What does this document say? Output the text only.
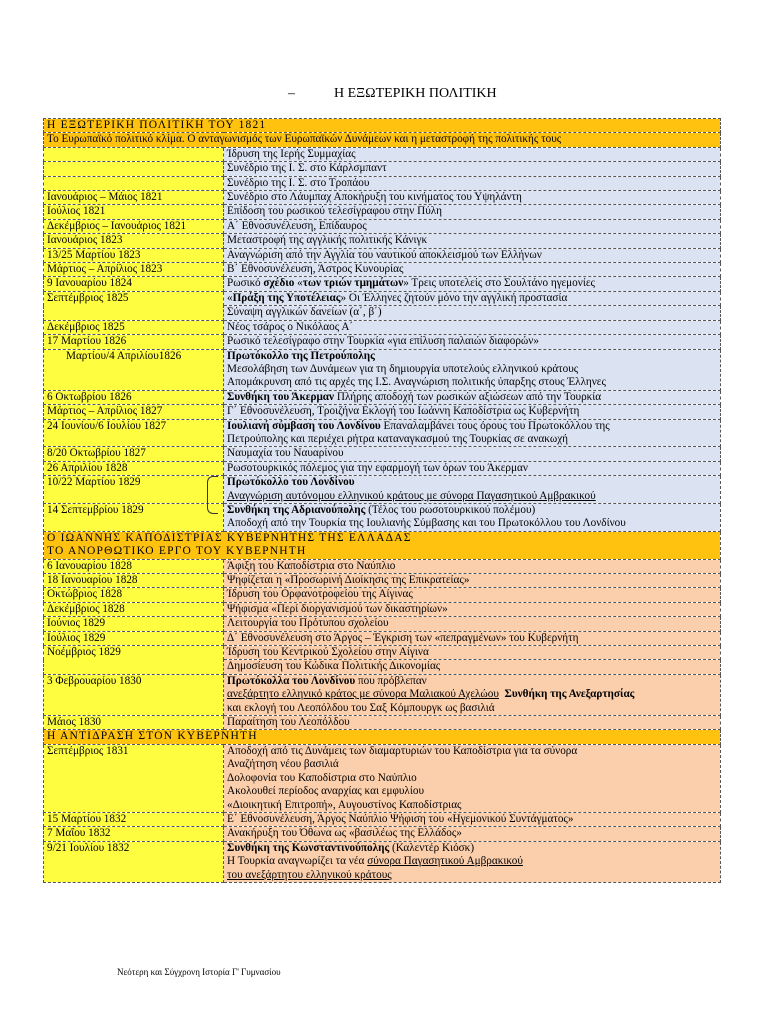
–	Η ΕΞΩΤΕΡΙΚΗ ΠΟΛΙΤΙΚΗ
Η ΕΞΩΤΕΡΙΚΗ ΠΟΛΙΤΙΚΗ ΤΟΥ 1821	
Το Ευρωπαϊκό πολιτικό κλίμα. Ο ανταγωνισμός των Ευρωπαϊκών Δυνάμεων και η μεταστροφή της πολιτικής τους	
	Ίδρυση της Ιερής Συμμαχίας
	Συνέδριο της Ι. Σ. στο Κάρλσμπαντ
	Συνέδριο της Ι. Σ. στο Τροπάου
Ιανουάριος – Μάιος 1821	Συνέδριο στο Λάυμπαχ Αποκήρυξη του κινήματος του Υψηλάντη
Ιούλιος 1821	Επίδοση του ρωσικού τελεσίγραφου στην Πύλη
Δεκέμβριος – Ιανουάριος 1821	Α΄ Εθνοσυνέλευση, Επίδαυρος
Ιανουάριος 1823	Μεταστροφή της αγγλικής πολιτικής Κάνιγκ
13/25 Μαρτίου 1823	Αναγνώριση από την Αγγλία του ναυτικού αποκλεισμού των Ελλήνων
Μάρτιος – Απρίλιος 1823	Β΄ Εθνοσυνέλευση, Άστρος Κυνουρίας
9 Ιανουαρίου 1824	Ρωσικό σχέδιο «των τριών τμημάτων» Τρεις υποτελείς στο Σουλτάνο ηγεμονίες
Σεπτέμβριος 1825	«Πράξη της Υποτέλειας» Οι Έλληνες ζητούν μόνο την αγγλική προστασία
	Σύναψη αγγλικών δανείων (α΄, β΄)
Δεκέμβριος 1825	Νέος τσάρος ο Νικόλαος Α΄
17 Μαρτίου 1826	Ρωσικό τελεσίγραφο στην Τουρκία «για επίλυση παλαιών διαφορών»
Μαρτίου/4 Απριλίου1826	Πρωτόκολλο της Πετρούπολης
Μεσολάβηση των Δυνάμεων για τη δημιουργία υποτελούς ελληνικού κράτους
Απομάκρυνση από τις αρχές της Ι.Σ. Αναγνώριση πολιτικής ύπαρξης στους Έλληνες
6 Οκτωβρίου 1826	Συνθήκη του Άκερμαν Πλήρης αποδοχή των ρωσικών αξιώσεων από την Τουρκία
Μάρτιος – Απρίλιος 1827	Γ΄ Εθνοσυνέλευση, Τροιζήνα Εκλογή του Ιωάννη Καποδίστρια ως Κυβερνήτη
24 Ιουνίου/6 Ιουλίου 1827	Ιουλιανή σύμβαση του Λονδίνου Επαναλαμβάνει τους όρους του Πρωτοκόλλου της
Πετρούπολης και περιέχει ρήτρα καταναγκασμού της Τουρκίας σε ανακωχή
8/20 Οκτωβρίου 1827	Ναυμαχία του Ναυαρίνου
26 Απριλίου 1828	Ρωσοτουρκικός πόλεμος για την εφαρμογή των όρων του Άκερμαν
10/22 Μαρτίου 1829	Πρωτόκολλο του Λονδίνου
Αναγνώριση αυτόνομου ελληνικού κράτους με σύνορα Παγασητικού Αμβρακικού
14 Σεπτεμβρίου 1829	Συνθήκη της Αδριανούπολης (Τέλος του ρωσοτουρκικού πολέμου)
Αποδοχή από την Τουρκία της Ιουλιανής Σύμβασης και του Πρωτοκόλλου του Λονδίνου
Ο ΙΩΑΝΝΗΣ ΚΑΠΟΔΙΣΤΡΙΑΣ ΚΥΒΕΡΝΗΤΗΣ ΤΗΣ ΕΛΛΑΔΑΣ
ΤΟ ΑΝΟΡΘΩΤΙΚΟ ΕΡΓΟ ΤΟΥ ΚΥΒΕΡΝΗΤΗ	
6 Ιανουαρίου 1828	Άφιξη του Καποδίστρια στο Ναύπλιο
18 Ιανουαρίου 1828	Ψηφίζεται η «Προσωρινή Διοίκησις της Επικρατείας»
Οκτώβριος 1828	Ίδρυση του Ορφανοτροφείου της Αίγινας
Δεκέμβριος 1828	Ψήφισμα «Περί διοργανισμού των δικαστηρίων»
Ιούνιος 1829	Λειτουργία του Πρότυπου σχολείου
Ιούλιος 1829	Δ΄ Εθνοσυνέλευση στο Άργος – Έγκριση των «πεπραγμένων» του Κυβερνήτη
Νοέμβριος 1829	Ίδρυση του Κεντρικού Σχολείου στην Αίγινα
	Δημοσίευση του Κώδικα Πολιτικής Δικονομίας
3 Φεβρουαρίου 1830	Πρωτόκολλα του Λονδίνου που πρόβλεπαν
ανεξάρτητο ελληνικό κράτος με σύνορα Μαλιακού Αχελώου Συνθήκη της Ανεξαρτησίας
και εκλογή του Λεοπόλδου του Σαξ Κόμπουργκ ως βασιλιά
Μάιος 1830	Παραίτηση του Λεοπόλδου
Η ΑΝΤΙΔΡΑΣΗ ΣΤΟΝ ΚΥΒΕΡΝΗΤΗ	
Σεπτέμβριος 1831	Αποδοχή από τις Δυνάμεις των διαμαρτυριών του Καποδίστρια για τα σύνορα
Αναζήτηση νέου βασιλιά
Δολοφονία του Καποδίστρια στο Ναύπλιο
Ακολουθεί περίοδος αναρχίας και εμφυλίου
«Διοικητική Επιτροπή», Αυγουστίνος Καποδίστριας
15 Μαρτίου 1832	Ε΄ Εθνοσυνέλευση, Άργος Ναύπλιο Ψήφιση του «Ηγεμονικού Συντάγματος»
7 Μαΐου 1832	Ανακήρυξη του Όθωνα ως «βασιλέως της Ελλάδος»
9/21 Ιουλίου 1832	Συνθήκη της Κωνσταντινούπολης (Καλεντέρ Κιόσκ)
Η Τουρκία αναγνωρίζει τα νέα σύνορα Παγασητικού Αμβρακικού
του ανεξάρτητου ελληνικού κράτους
Νεότερη και Σύγχρονη Ιστορία Γ' Γυμνασίου
